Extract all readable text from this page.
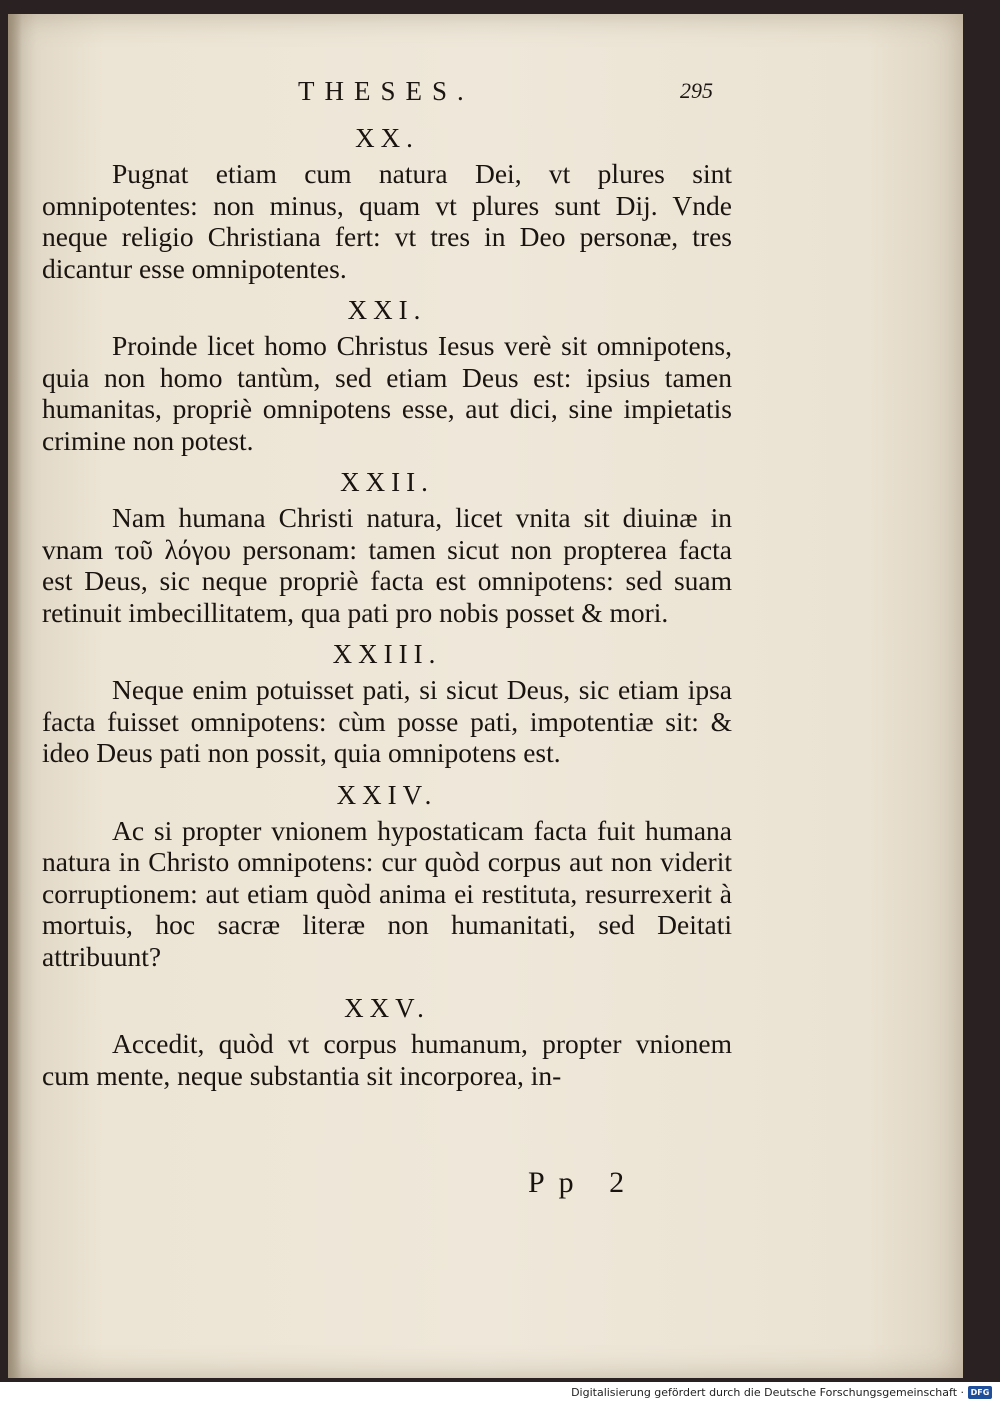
THESES.	295
XX.

Pugnat etiam cum natura Dei, vt plures sint omnipotentes: non minus, quam vt plures sunt Dij. Vnde neque religio Christiana fert: vt tres in Deo personæ, tres dicantur esse omnipotentes.

XXI.

Proinde licet homo Christus Iesus verè sit omnipotens, quia non homo tantùm, sed etiam Deus est: ipsius tamen humanitas, propriè omnipotens esse, aut dici, sine impietatis crimine non potest.

XXII.

Nam humana Christi natura, licet vnita sit diuinæ in vnam τοῦ λόγου personam: tamen sicut non propterea facta est Deus, sic neque propriè facta est omnipotens: sed suam retinuit imbecillitatem, qua pati pro nobis posset & mori.

XXIII.

Neque enim potuisset pati, si sicut Deus, sic etiam ipsa facta fuisset omnipotens: cùm posse pati, impotentiæ sit: & ideo Deus pati non possit, quia omnipotens est.

XXIV.

Ac si propter vnionem hypostaticam facta fuit humana natura in Christo omnipotens: cur quòd corpus aut non viderit corruptionem: aut etiam quòd anima ei restituta, resurrexerit à mortuis, hoc sacræ literæ non humanitati, sed Deitati attribuunt?

XXV.

Accedit, quòd vt corpus humanum, propter vnionem cum mente, neque substantia sit incorporea, in-

Pp 2
Digitalisierung gefördert durch die Deutsche Forschungsgemeinschaft · DFG
